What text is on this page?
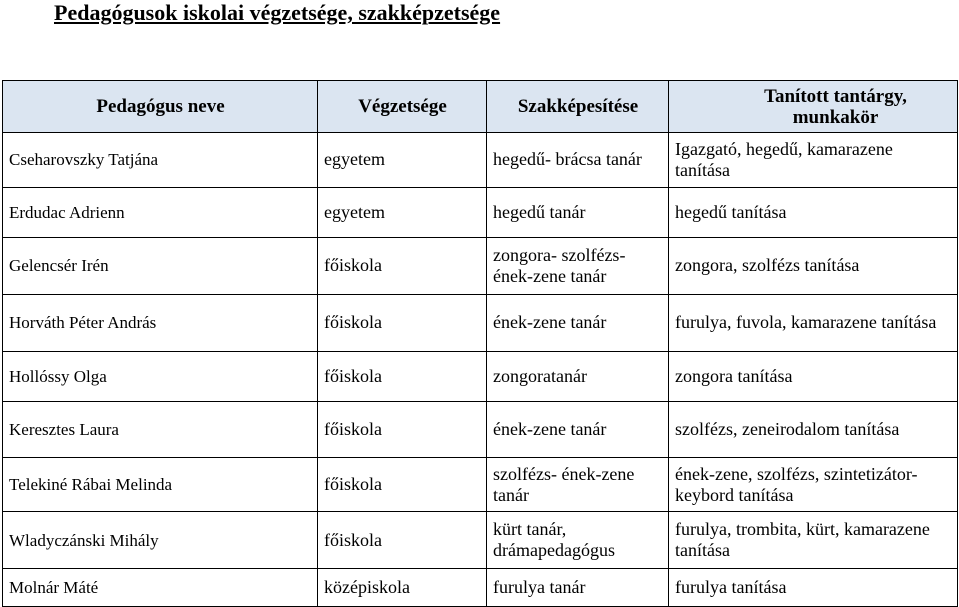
Pedagógusok iskolai végzetsége, szakképzetsége
Pedagógus neve	Végzetsége	Szakképesítése	Tanított tantárgy, munkakör
Cseharovszky Tatjána	egyetem	hegedű- brácsa tanár	Igazgató, hegedű, kamarazene tanítása
Erdudac Adrienn	egyetem	hegedű tanár	hegedű tanítása
Gelencsér Irén	főiskola	zongora- szolfézs-ének-zene tanár	zongora, szolfézs tanítása
Horváth Péter András	főiskola	ének-zene tanár	furulya, fuvola, kamarazene tanítása
Hollóssy Olga	főiskola	zongoratanár	zongora tanítása
Keresztes Laura	főiskola	ének-zene tanár	szolfézs, zeneirodalom tanítása
Telekiné Rábai Melinda	főiskola	szolfézs- ének-zene tanár	ének-zene, szolfézs, szintetizátor- keybord tanítása
Wladyczánski Mihály	főiskola	kürt tanár, drámapedagógus	furulya, trombita, kürt, kamarazene tanítása
Molnár Máté	középiskola	furulya tanár	furulya tanítása
